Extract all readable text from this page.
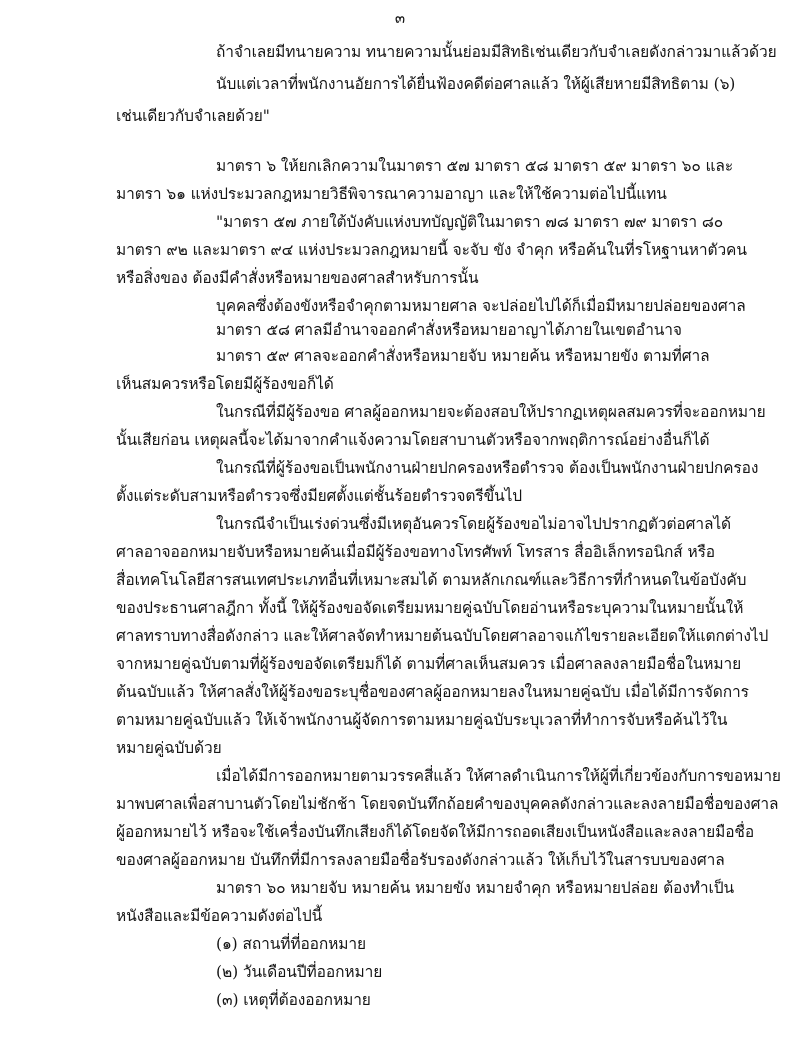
๓
ถ้าจำเลยมีทนายความ ทนายความนั้นย่อมมีสิทธิเช่นเดียวกับจำเลยดังกล่าวมาแล้วด้วย
นับแต่เวลาที่พนักงานอัยการได้ยื่นฟ้องคดีต่อศาลแล้ว ให้ผู้เสียหายมีสิทธิตาม (๖)
เช่นเดียวกับจำเลยด้วย"
มาตรา ๖ ให้ยกเลิกความในมาตรา ๕๗ มาตรา ๕๘ มาตรา ๕๙ มาตรา ๖๐ และ
มาตรา ๖๑ แห่งประมวลกฎหมายวิธีพิจารณาความอาญา และให้ใช้ความต่อไปนี้แทน
"มาตรา ๕๗ ภายใต้บังคับแห่งบทบัญญัติในมาตรา ๗๘ มาตรา ๗๙ มาตรา ๘๐
มาตรา ๙๒ และมาตรา ๙๔ แห่งประมวลกฎหมายนี้ จะจับ ขัง จำคุก หรือค้นในที่รโหฐานหาตัวคน
หรือสิ่งของ ต้องมีคำสั่งหรือหมายของศาลสำหรับการนั้น
บุคคลซึ่งต้องขังหรือจำคุกตามหมายศาล จะปล่อยไปได้ก็เมื่อมีหมายปล่อยของศาล
มาตรา ๕๘ ศาลมีอำนาจออกคำสั่งหรือหมายอาญาได้ภายในเขตอำนาจ
มาตรา ๕๙ ศาลจะออกคำสั่งหรือหมายจับ หมายค้น หรือหมายขัง ตามที่ศาล
เห็นสมควรหรือโดยมีผู้ร้องขอก็ได้
ในกรณีที่มีผู้ร้องขอ ศาลผู้ออกหมายจะต้องสอบให้ปรากฏเหตุผลสมควรที่จะออกหมาย
นั้นเสียก่อน เหตุผลนี้จะได้มาจากคำแจ้งความโดยสาบานตัวหรือจากพฤติการณ์อย่างอื่นก็ได้
ในกรณีที่ผู้ร้องขอเป็นพนักงานฝ่ายปกครองหรือตำรวจ ต้องเป็นพนักงานฝ่ายปกครอง
ตั้งแต่ระดับสามหรือตำรวจซึ่งมียศตั้งแต่ชั้นร้อยตำรวจตรีขึ้นไป
ในกรณีจำเป็นเร่งด่วนซึ่งมีเหตุอันควรโดยผู้ร้องขอไม่อาจไปปรากฏตัวต่อศาลได้
ศาลอาจออกหมายจับหรือหมายค้นเมื่อมีผู้ร้องขอทางโทรศัพท์ โทรสาร สื่ออิเล็กทรอนิกส์ หรือ
สื่อเทคโนโลยีสารสนเทศประเภทอื่นที่เหมาะสมได้ ตามหลักเกณฑ์และวิธีการที่กำหนดในข้อบังคับ
ของประธานศาลฎีกา ทั้งนี้ ให้ผู้ร้องขอจัดเตรียมหมายคู่ฉบับโดยอ่านหรือระบุความในหมายนั้นให้
ศาลทราบทางสื่อดังกล่าว และให้ศาลจัดทำหมายต้นฉบับโดยศาลอาจแก้ไขรายละเอียดให้แตกต่างไป
จากหมายคู่ฉบับตามที่ผู้ร้องขอจัดเตรียมก็ได้ ตามที่ศาลเห็นสมควร เมื่อศาลลงลายมือชื่อในหมาย
ต้นฉบับแล้ว ให้ศาลสั่งให้ผู้ร้องขอระบุชื่อของศาลผู้ออกหมายลงในหมายคู่ฉบับ เมื่อได้มีการจัดการ
ตามหมายคู่ฉบับแล้ว ให้เจ้าพนักงานผู้จัดการตามหมายคู่ฉบับระบุเวลาที่ทำการจับหรือค้นไว้ใน
หมายคู่ฉบับด้วย
เมื่อได้มีการออกหมายตามวรรคสี่แล้ว ให้ศาลดำเนินการให้ผู้ที่เกี่ยวข้องกับการขอหมาย
มาพบศาลเพื่อสาบานตัวโดยไม่ชักช้า โดยจดบันทึกถ้อยคำของบุคคลดังกล่าวและลงลายมือชื่อของศาล
ผู้ออกหมายไว้ หรือจะใช้เครื่องบันทึกเสียงก็ได้โดยจัดให้มีการถอดเสียงเป็นหนังสือและลงลายมือชื่อ
ของศาลผู้ออกหมาย บันทึกที่มีการลงลายมือชื่อรับรองดังกล่าวแล้ว ให้เก็บไว้ในสารบบของศาล
มาตรา ๖๐ หมายจับ หมายค้น หมายขัง หมายจำคุก หรือหมายปล่อย ต้องทำเป็น
หนังสือและมีข้อความดังต่อไปนี้
(๑) สถานที่ที่ออกหมาย
(๒) วันเดือนปีที่ออกหมาย
(๓) เหตุที่ต้องออกหมาย
